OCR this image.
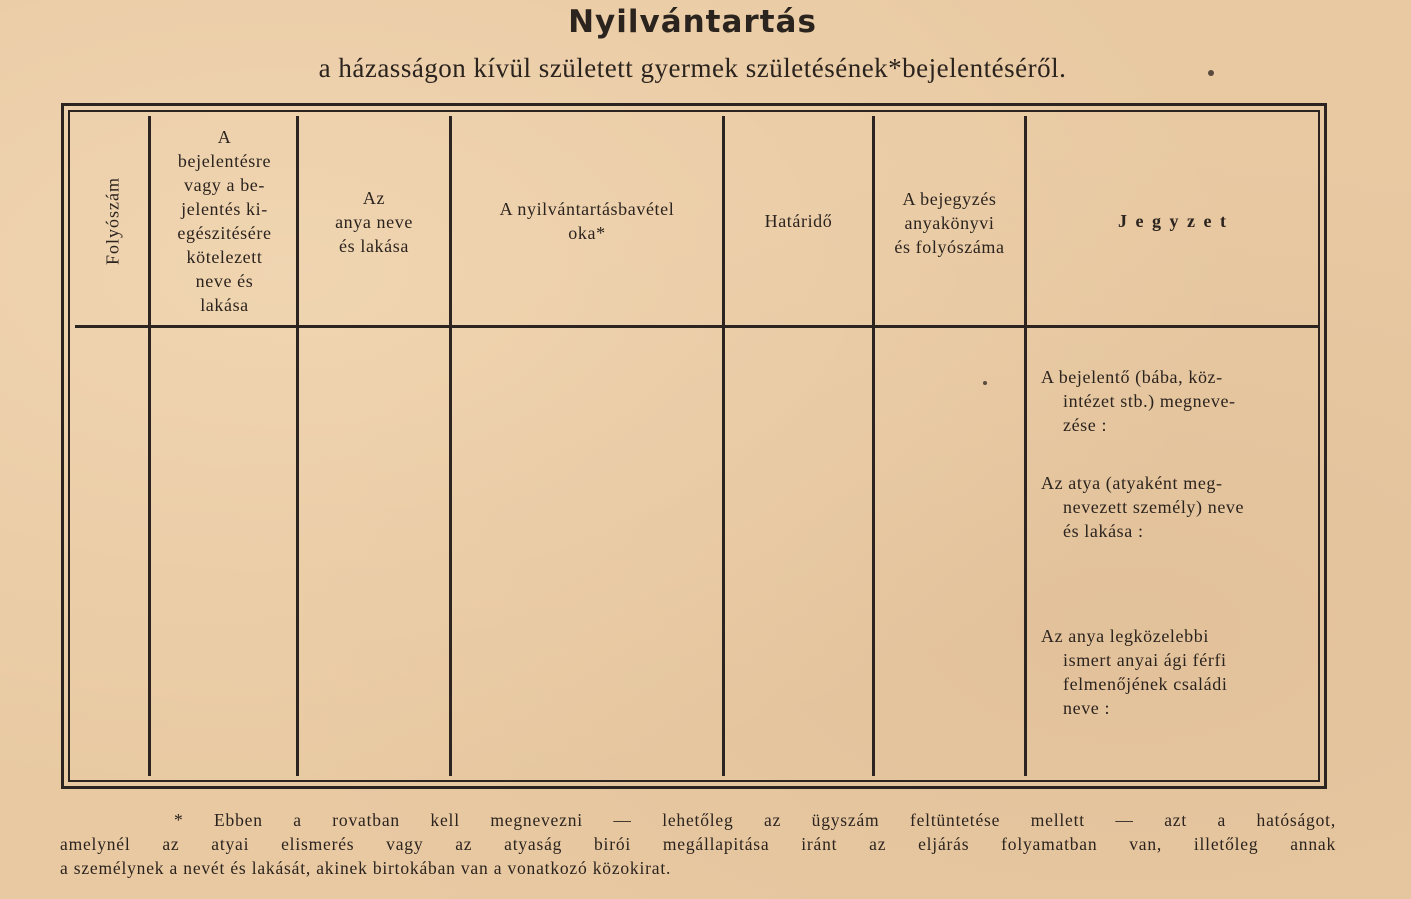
Nyilvántartás
a házasságon kívül született gyermek születésének*bejelentéséről.
Folyószám
A
bejelentésre
vagy a be-
jelentés ki-
egészitésére
kötelezett
neve és
lakása
Az
anya neve
és lakása
A nyilvántartásbavétel
oka*
Határidő
A bejegyzés
anyakönyvi
és folyószáma
J e g y z e t
A bejelentő (bába, köz-
intézet stb.) megneve-
zése :
Az atya (atyaként meg-
nevezett személy) neve
és lakása :
Az anya legközelebbi
ismert anyai ági férfi
felmenőjének családi
neve :
* Ebben a rovatban kell megnevezni — lehetőleg az ügyszám feltüntetése mellett — azt a hatóságot,
amelynél az atyai elismerés vagy az atyaság birói megállapitása iránt az eljárás folyamatban van, illetőleg annak
a személynek a nevét és lakását, akinek birtokában van a vonatkozó közokirat.
